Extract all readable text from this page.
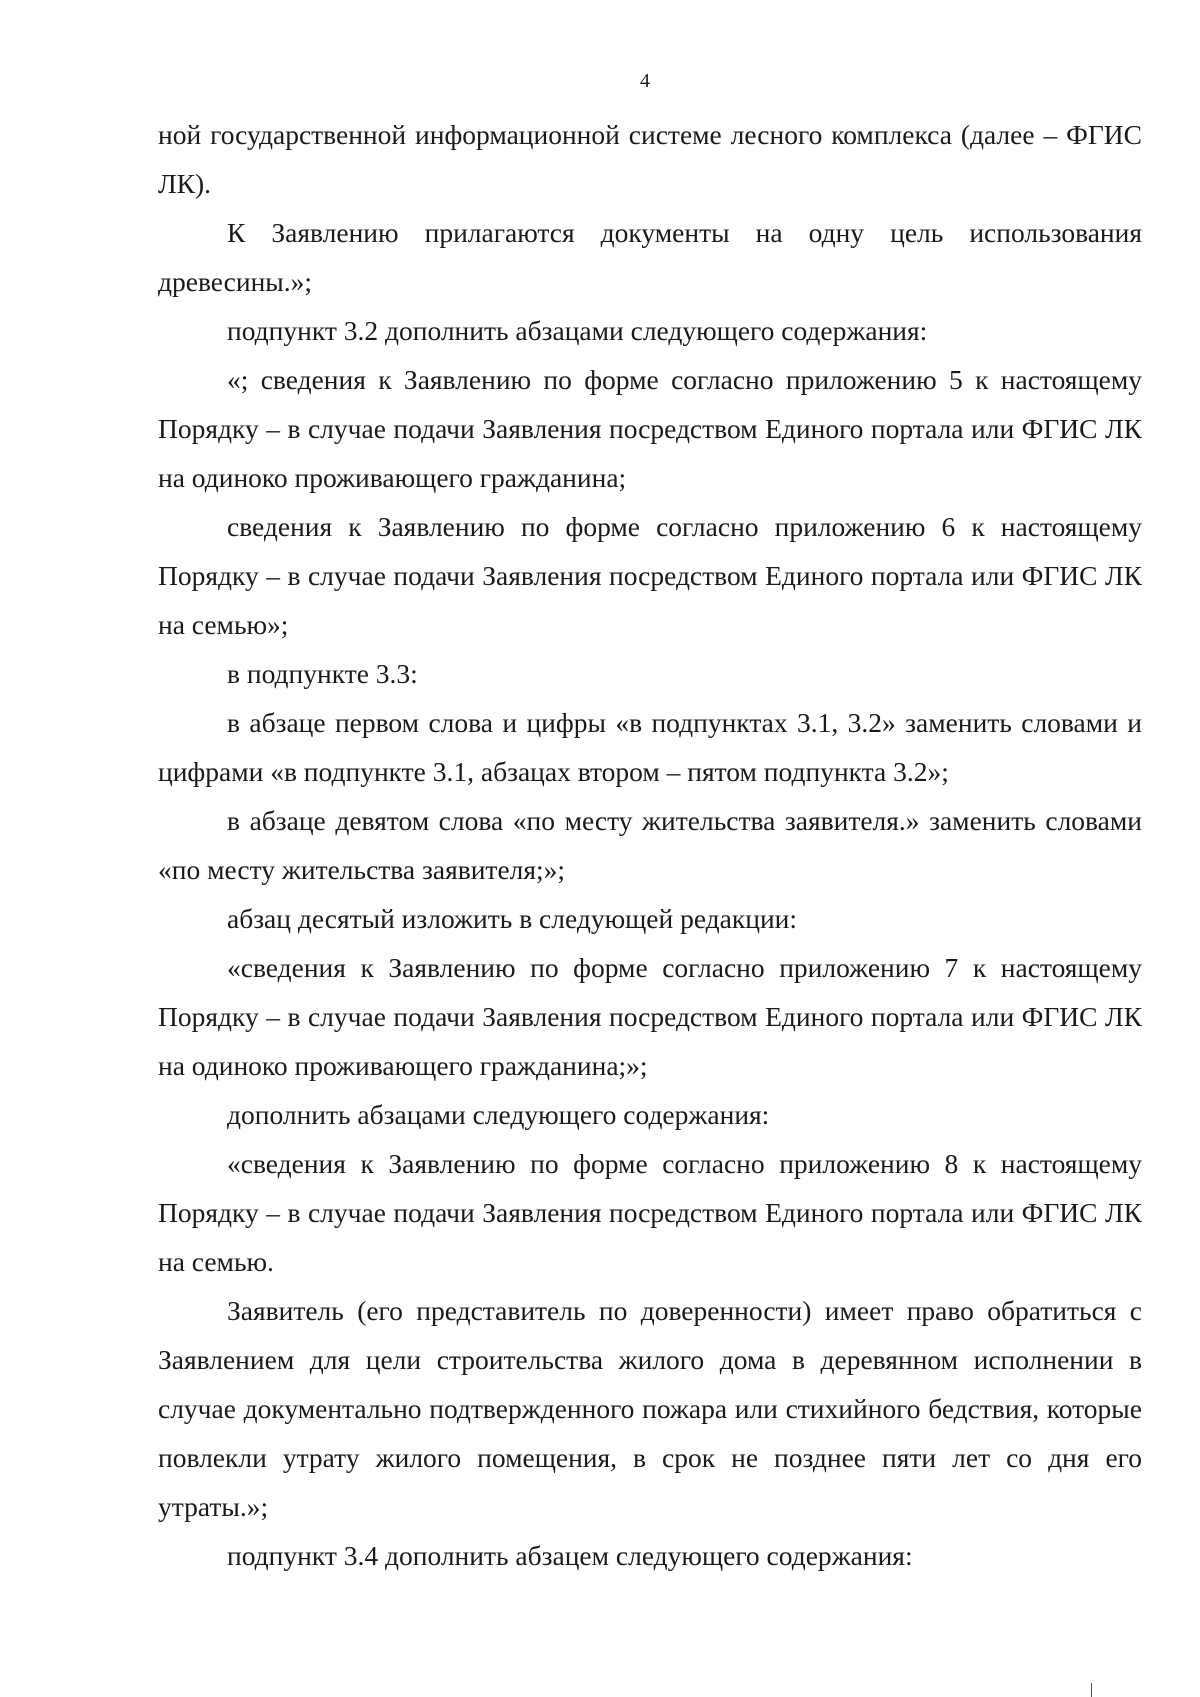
4

ной государственной информационной системе лесного комплекса (далее – ФГИС ЛК).

К Заявлению прилагаются документы на одну цель использования древесины.»;

подпункт 3.2 дополнить абзацами следующего содержания:

«; сведения к Заявлению по форме согласно приложению 5 к настоящему Порядку – в случае подачи Заявления посредством Единого портала или ФГИС ЛК на одиноко проживающего гражданина;

сведения к Заявлению по форме согласно приложению 6 к настоящему Порядку – в случае подачи Заявления посредством Единого портала или ФГИС ЛК на семью»;

в подпункте 3.3:

в абзаце первом слова и цифры «в подпунктах 3.1, 3.2» заменить словами и цифрами «в подпункте 3.1, абзацах втором – пятом подпункта 3.2»;

в абзаце девятом слова «по месту жительства заявителя.» заменить словами «по месту жительства заявителя;»;

абзац десятый изложить в следующей редакции:

«сведения к Заявлению по форме согласно приложению 7 к настоящему Порядку – в случае подачи Заявления посредством Единого портала или ФГИС ЛК на одиноко проживающего гражданина;»;

дополнить абзацами следующего содержания:

«сведения к Заявлению по форме согласно приложению 8 к настоящему Порядку – в случае подачи Заявления посредством Единого портала или ФГИС ЛК на семью.

Заявитель (его представитель по доверенности) имеет право обратиться с Заявлением для цели строительства жилого дома в деревянном исполнении в случае документально подтвержденного пожара или стихийного бедствия, которые повлекли утрату жилого помещения, в срок не позднее пяти лет со дня его утраты.»;

подпункт 3.4 дополнить абзацем следующего содержания:
